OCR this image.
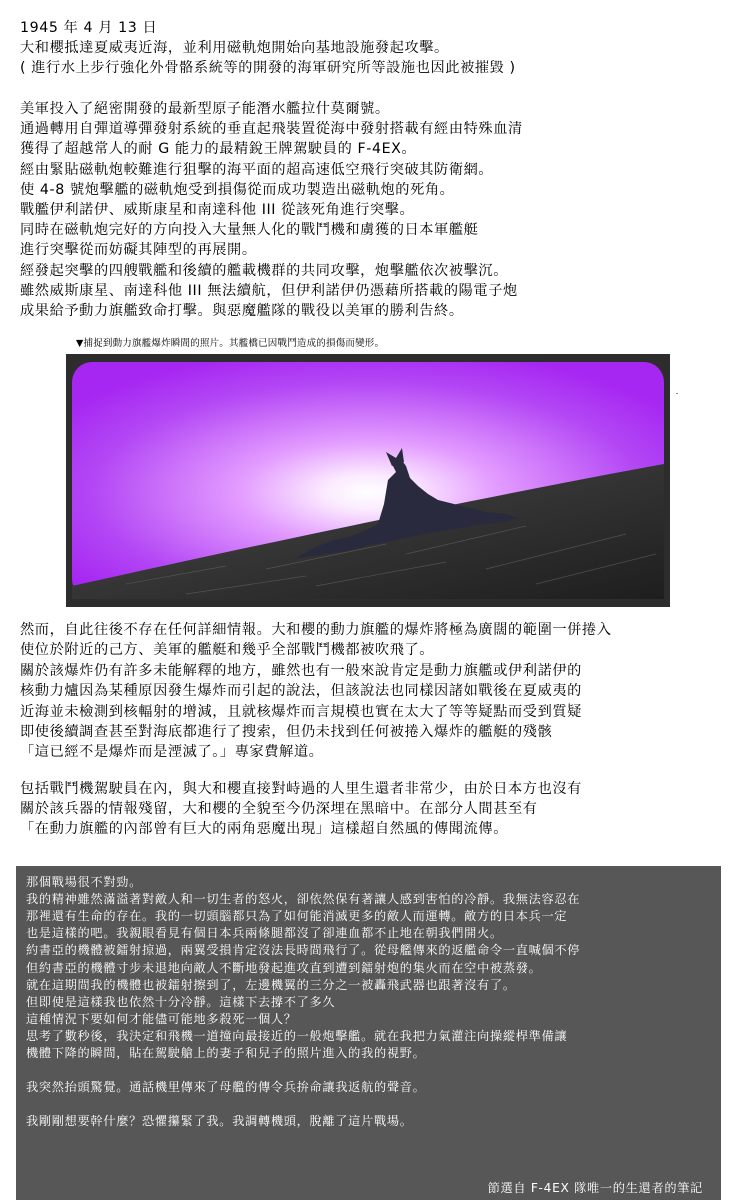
1945 年 4 月 13 日
大和櫻抵達夏威夷近海，並利用磁軌炮開始向基地設施發起攻擊。
( 進行水上步行強化外骨骼系統等的開發的海軍研究所等設施也因此被摧毀 )
美軍投入了絕密開發的最新型原子能潛水艦拉什莫爾號。
通過轉用自彈道導彈發射系統的垂直起飛裝置從海中發射搭載有經由特殊血清
獲得了超越常人的耐 G 能力的最精銳王牌駕駛員的 F-4EX。
經由緊貼磁軌炮較難進行狙擊的海平面的超高速低空飛行突破其防衛網。
使 4-8 號炮擊艦的磁軌炮受到損傷從而成功製造出磁軌炮的死角。
戰艦伊利諾伊、威斯康星和南達科他 III 從該死角進行突擊。
同時在磁軌炮完好的方向投入大量無人化的戰鬥機和虜獲的日本軍艦艇
進行突擊從而妨礙其陣型的再展開。
經發起突擊的四艘戰艦和後續的艦載機群的共同攻擊，炮擊艦依次被擊沉。
雖然威斯康星、南達科他 III 無法續航，但伊利諾伊仍憑藉所搭載的陽電子炮
成果給予動力旗艦致命打擊。與惡魔艦隊的戰役以美軍的勝利告終。
▼捕捉到動力旗艦爆炸瞬間的照片。其艦橋已因戰鬥造成的損傷而變形。
然而，自此往後不存在任何詳細情報。大和櫻的動力旗艦的爆炸將極為廣闊的範圍一併捲入
使位於附近的己方、美軍的艦艇和幾乎全部戰鬥機都被吹飛了。
關於該爆炸仍有許多未能解釋的地方，雖然也有一般來說肯定是動力旗艦或伊利諾伊的
核動力爐因為某種原因發生爆炸而引起的說法，但該說法也同樣因諸如戰後在夏威夷的
近海並未檢測到核輻射的增減，且就核爆炸而言規模也實在太大了等等疑點而受到質疑
即使後續調查甚至對海底都進行了搜索，但仍未找到任何被捲入爆炸的艦艇的殘骸
「這已經不是爆炸而是湮滅了。」專家費解道。
包括戰鬥機駕駛員在內，與大和櫻直接對峙過的人里生還者非常少，由於日本方也沒有
關於該兵器的情報殘留，大和櫻的全貌至今仍深埋在黑暗中。在部分人間甚至有
「在動力旗艦的內部曾有巨大的兩角惡魔出現」這樣超自然風的傳聞流傳。
那個戰場很不對勁。
我的精神雖然滿溢著對敵人和一切生者的怒火，卻依然保有著讓人感到害怕的冷靜。我無法容忍在
那裡還有生命的存在。我的一切頭腦都只為了如何能消滅更多的敵人而運轉。敵方的日本兵一定
也是這樣的吧。我親眼看見有個日本兵兩條腿都沒了卻連血都不止地在朝我們開火。
約書亞的機體被鐳射掠過，兩翼受損肯定沒法長時間飛行了。從母艦傳來的返艦命令一直喊個不停
但約書亞的機體寸步未退地向敵人不斷地發起進攻直到遭到鐳射炮的集火而在空中被蒸發。
就在這期間我的機體也被鐳射擦到了，左邊機翼的三分之一被轟飛武器也跟著沒有了。
但即使是這樣我也依然十分冷靜。這樣下去撐不了多久
這種情況下要如何才能儘可能地多殺死一個人？
思考了數秒後，我決定和飛機一道撞向最接近的一般炮擊艦。就在我把力氣灌注向操縱桿準備讓
機體下降的瞬間，貼在駕駛艙上的妻子和兒子的照片進入的我的視野。
我突然抬頭驚覺。通話機里傳來了母艦的傳令兵拚命讓我返航的聲音。
我剛剛想要幹什麼？恐懼攥緊了我。我調轉機頭，脫離了這片戰場。
節選自 F-4EX 隊唯一的生還者的筆記
